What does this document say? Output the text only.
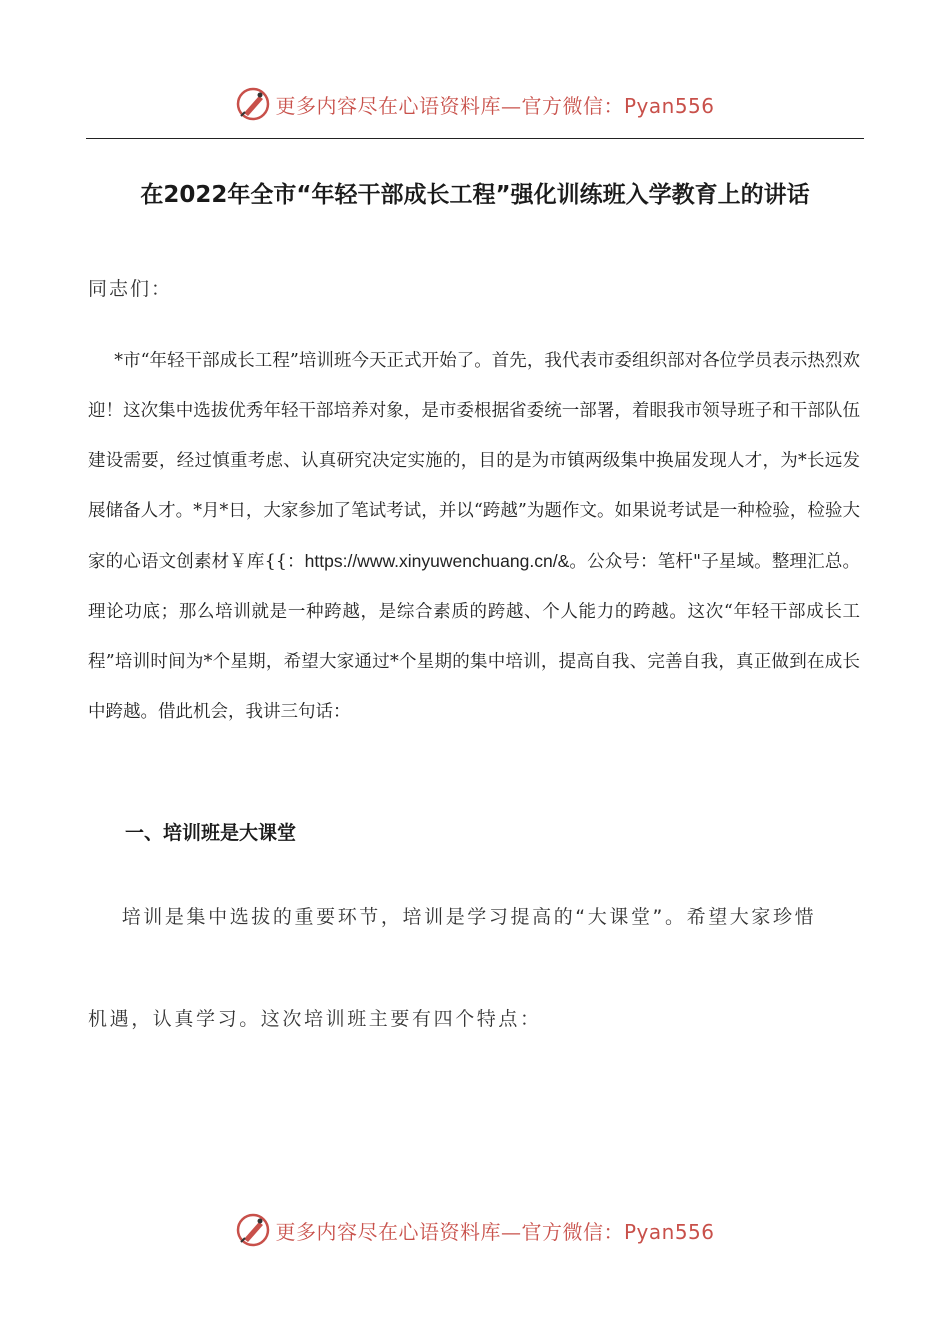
更多内容尽在心语资料库—官方微信：Pyan556
在2022年全市“年轻干部成长工程”强化训练班入学教育上的讲话
同志们：
  *市“年轻干部成长工程”培训班今天正式开始了。首先，我代表市委组织部对各位学员表示热烈欢迎！这次集中选拔优秀年轻干部培养对象，是市委根据省委统一部署，着眼我市领导班子和干部队伍建设需要，经过慎重考虑、认真研究决定实施的，目的是为市镇两级集中换届发现人才，为*长远发展储备人才。*月*日，大家参加了笔试考试，并以“跨越”为题作文。如果说考试是一种检验，检验大家的心语文创素材￥库{{：https://www.xinyuwenchuang.cn/&。公众号：笔杆"子星域。整理汇总。理论功底；那么培训就是一种跨越，是综合素质的跨越、个人能力的跨越。这次“年轻干部成长工程”培训时间为*个星期，希望大家通过*个星期的集中培训，提高自我、完善自我，真正做到在成长中跨越。借此机会，我讲三句话：
一、培训班是大课堂
  培训是集中选拔的重要环节，培训是学习提高的“大课堂”。希望大家珍惜
机遇，认真学习。这次培训班主要有四个特点：
更多内容尽在心语资料库—官方微信：Pyan556
